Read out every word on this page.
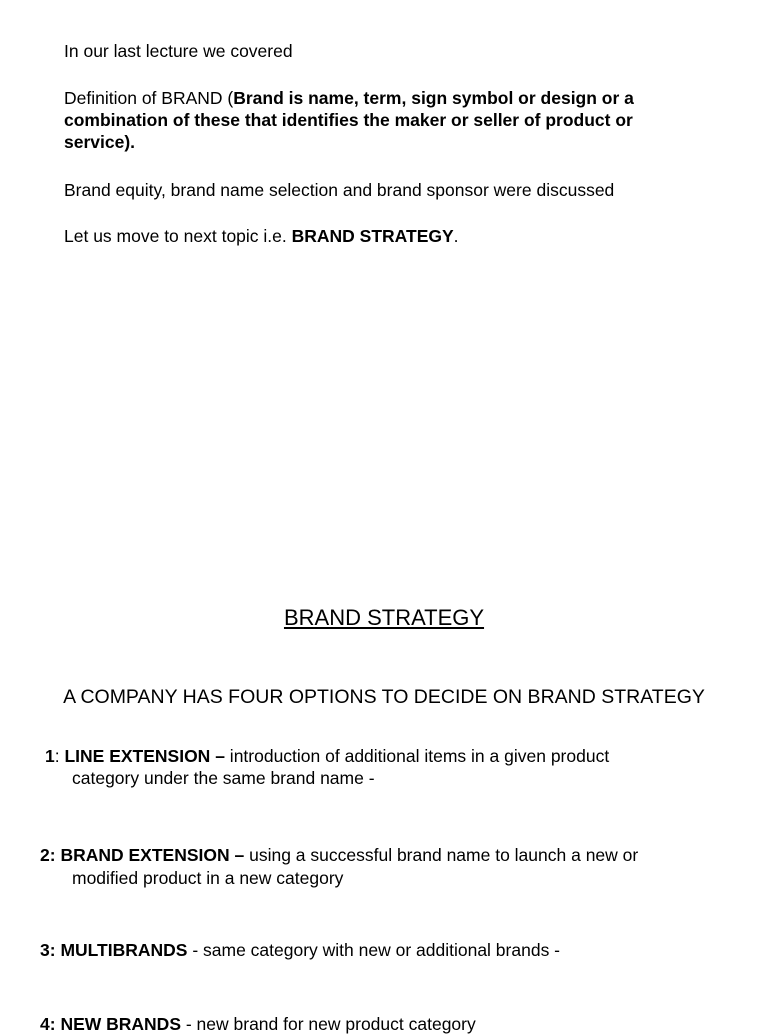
In our last lecture we covered
Definition of BRAND (Brand is name, term, sign symbol or design or a
combination of these that identifies the maker or seller of product or
service).
Brand equity, brand name selection and brand sponsor were discussed
Let us move to next topic i.e. BRAND STRATEGY.
BRAND STRATEGY
A COMPANY HAS FOUR OPTIONS TO DECIDE ON BRAND STRATEGY
1: LINE EXTENSION – introduction of additional items in a given product
category under the same brand name -
2: BRAND EXTENSION – using a successful brand name to launch a new or
modified product in a new category
3: MULTIBRANDS - same category with new or additional brands -
4: NEW BRANDS - new brand for new product category
